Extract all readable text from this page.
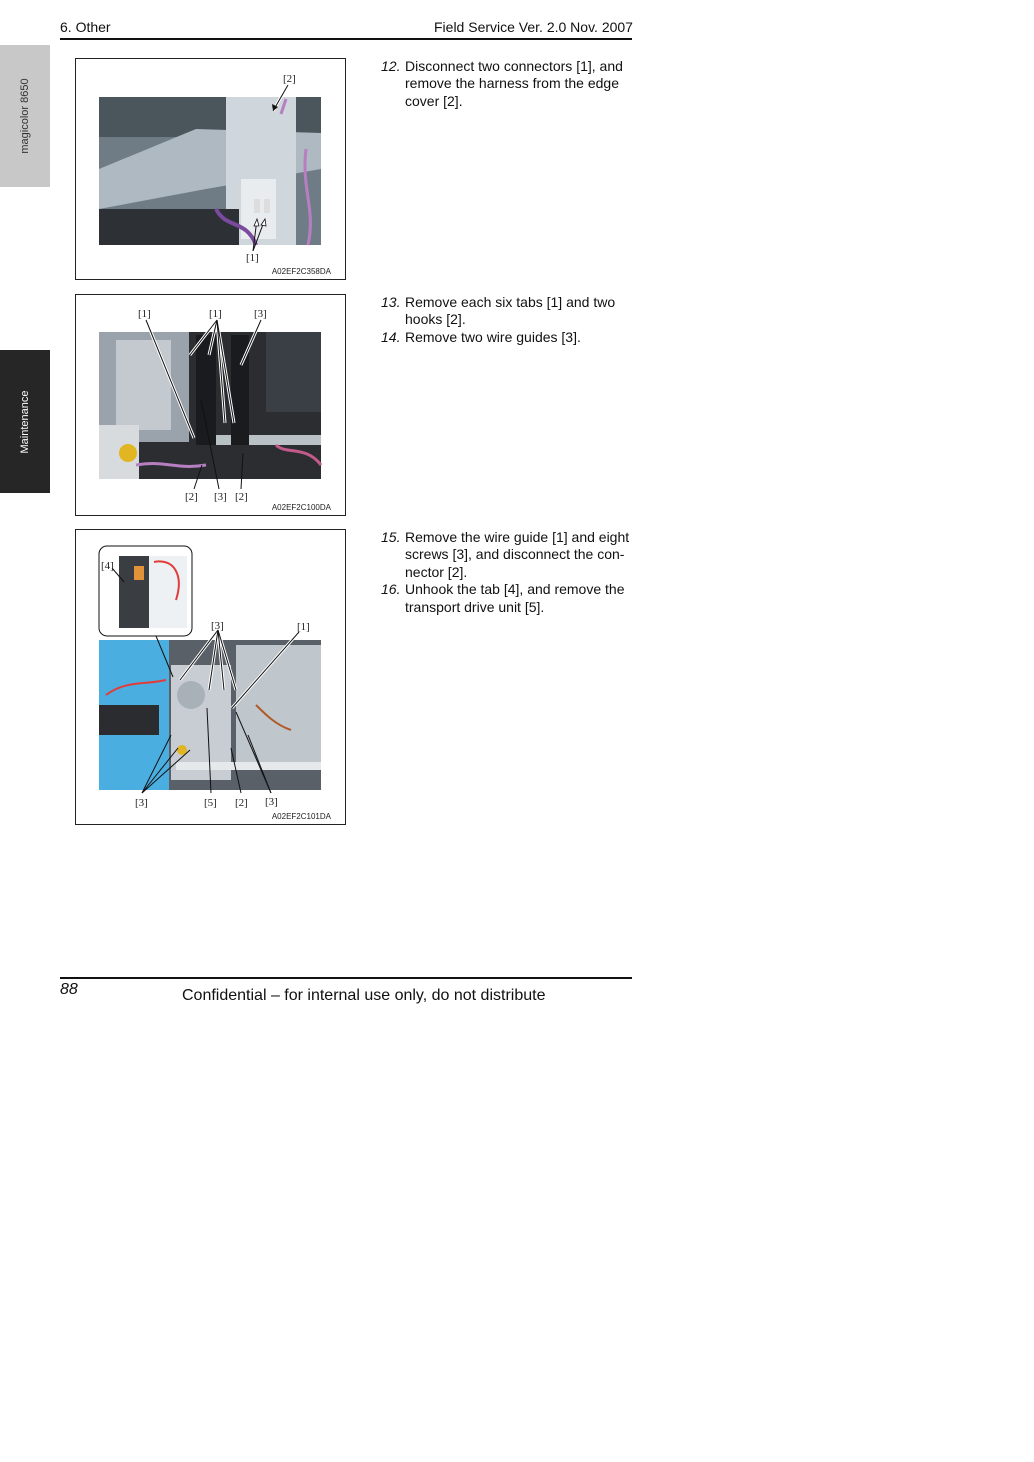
6. Other	Field Service Ver. 2.0 Nov. 2007
magicolor 8650
Maintenance
[2]
[1]
A02EF2C358DA
[1]	[1]	[3]
[2] [3] [2]
A02EF2C100DA
[4]
[3]	[1]
[3]	[5] [2] [3]
A02EF2C101DA
12. Disconnect two connectors [1], and remove the harness from the edge cover [2].
13. Remove each six tabs [1] and two hooks [2].
14. Remove two wire guides [3].
15. Remove the wire guide [1] and eight screws [3], and disconnect the con-nector [2].
16. Unhook the tab [4], and remove the transport drive unit [5].
88	Confidential – for internal use only, do not distribute
